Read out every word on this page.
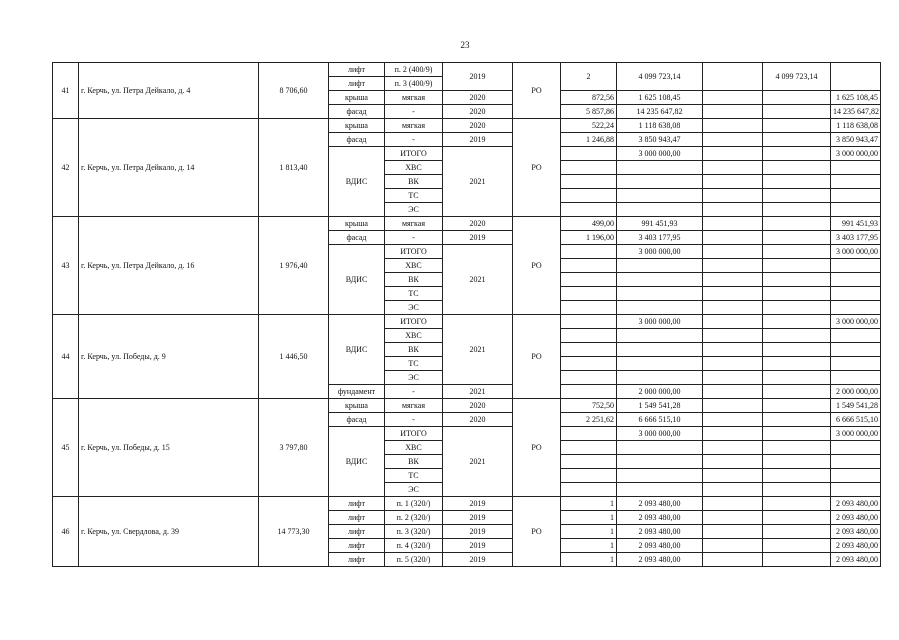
23
41	г. Керчь, ул. Петра Дейкало, д. 4	8 706,60	лифт	п. 2 (400/9)	2019	РО	2	4 099 723,14		4 099 723,14	
			лифт	п. 3 (400/9)							
			крыша	мягкая	2020		872,56	1 625 108,45			1 625 108,45
			фасад	-	2020		5 857,86	14 235 647,82			14 235 647,82
42	г. Керчь, ул. Петра Дейкало, д. 14	1 813,40	крыша	мягкая	2020	РО	522,24	1 118 638,08			1 118 638,08
			фасад	-	2019		1 246,88	3 850 943,47			3 850 943,47
			ВДИС	ИТОГО	2021			3 000 000,00			3 000 000,00
				ХВС							
				ВК							
				ТС							
				ЭС							
43	г. Керчь, ул. Петра Дейкало, д. 16	1 976,40	крыша	мягкая	2020	РО	499,00	991 451,93			991 451,93
			фасад	-	2019		1 196,00	3 403 177,95			3 403 177,95
			ВДИС	ИТОГО	2021			3 000 000,00			3 000 000,00
				ХВС							
				ВК							
				ТС							
				ЭС							
44	г. Керчь, ул. Победы, д. 9	1 446,50	ВДИС	ИТОГО	2021	РО		3 000 000,00			3 000 000,00
				ХВС							
				ВК							
				ТС							
				ЭС							
			фундамент	-	2021			2 000 000,00			2 000 000,00
45	г. Керчь, ул. Победы, д. 15	3 797,80	крыша	мягкая	2020	РО	752,50	1 549 541,28			1 549 541,28
			фасад	-	2020		2 251,62	6 666 515,10			6 666 515,10
			ВДИС	ИТОГО	2021			3 000 000,00			3 000 000,00
				ХВС							
				ВК							
				ТС							
				ЭС							
46	г. Керчь, ул. Свердлова, д. 39	14 773,30	лифт	п. 1 (320/)	2019	РО	1	2 093 480,00			2 093 480,00
			лифт	п. 2 (320/)	2019		1	2 093 480,00			2 093 480,00
			лифт	п. 3 (320/)	2019		1	2 093 480,00			2 093 480,00
			лифт	п. 4 (320/)	2019		1	2 093 480,00			2 093 480,00
			лифт	п. 5 (320/)	2019		1	2 093 480,00			2 093 480,00
